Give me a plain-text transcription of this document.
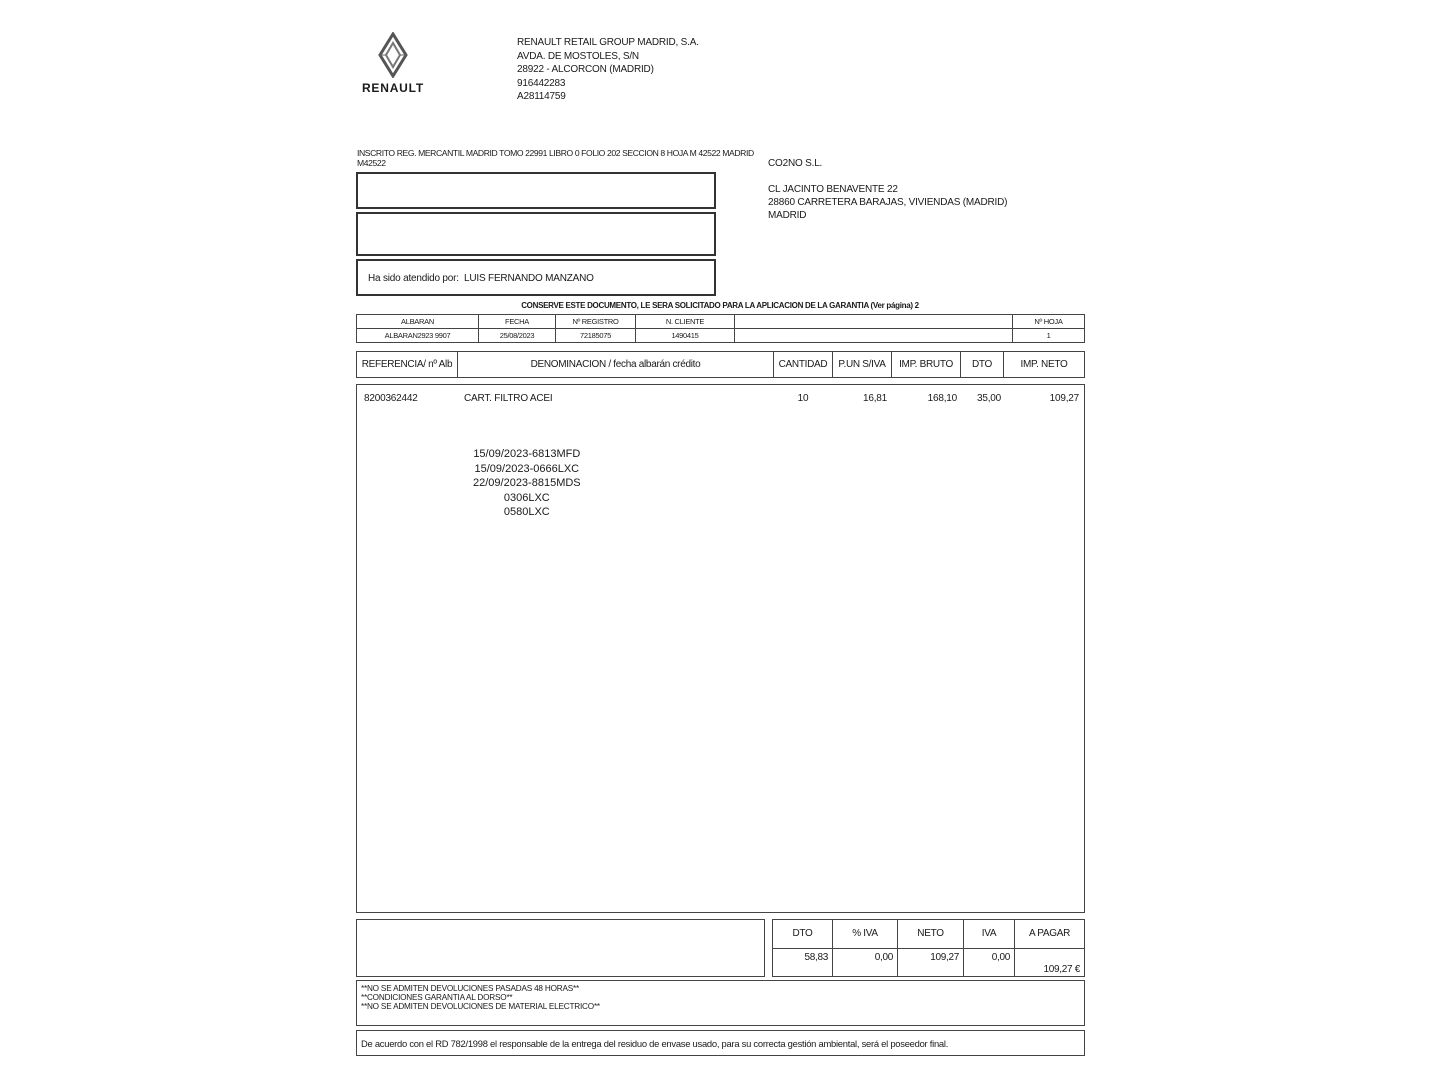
RENAULT
RENAULT RETAIL GROUP MADRID, S.A.
AVDA. DE MOSTOLES, S/N
28922 - ALCORCON (MADRID)
916442283
A28114759
INSCRITO REG. MERCANTIL MADRID TOMO 22991 LIBRO 0 FOLIO 202 SECCION 8 HOJA M 42522 MADRID M42522	CO2NO S.L.
CL JACINTO BENAVENTE 22
28860 CARRETERA BARAJAS, VIVIENDAS (MADRID)
MADRID
Ha sido atendido por: LUIS FERNANDO MANZANO
CONSERVE ESTE DOCUMENTO, LE SERA SOLICITADO PARA LA APLICACION DE LA GARANTIA (Ver página) 2
ALBARAN	FECHA	Nº REGISTRO	N. CLIENTE		Nº HOJA
ALBARAN2923 9907	25/08/2023	72185075	1490415		1
REFERENCIA/ nº Alb	DENOMINACION / fecha albarán crédito	CANTIDAD	P.UN S/IVA	IMP. BRUTO	DTO	IMP. NETO
8200362442	CART. FILTRO ACEI	10	16,81	168,10	35,00	109,27
15/09/2023-6813MFD
15/09/2023-0666LXC
22/09/2023-8815MDS
0306LXC
0580LXC
DTO	% IVA	NETO	IVA	A PAGAR
58,83	0,00	109,27	0,00	109,27 €
**NO SE ADMITEN DEVOLUCIONES PASADAS 48 HORAS**
**CONDICIONES GARANTIA AL DORSO**
**NO SE ADMITEN DEVOLUCIONES DE MATERIAL ELECTRICO**
De acuerdo con el RD 782/1998 el responsable de la entrega del residuo de envase usado, para su correcta gestión ambiental, será el poseedor final.
